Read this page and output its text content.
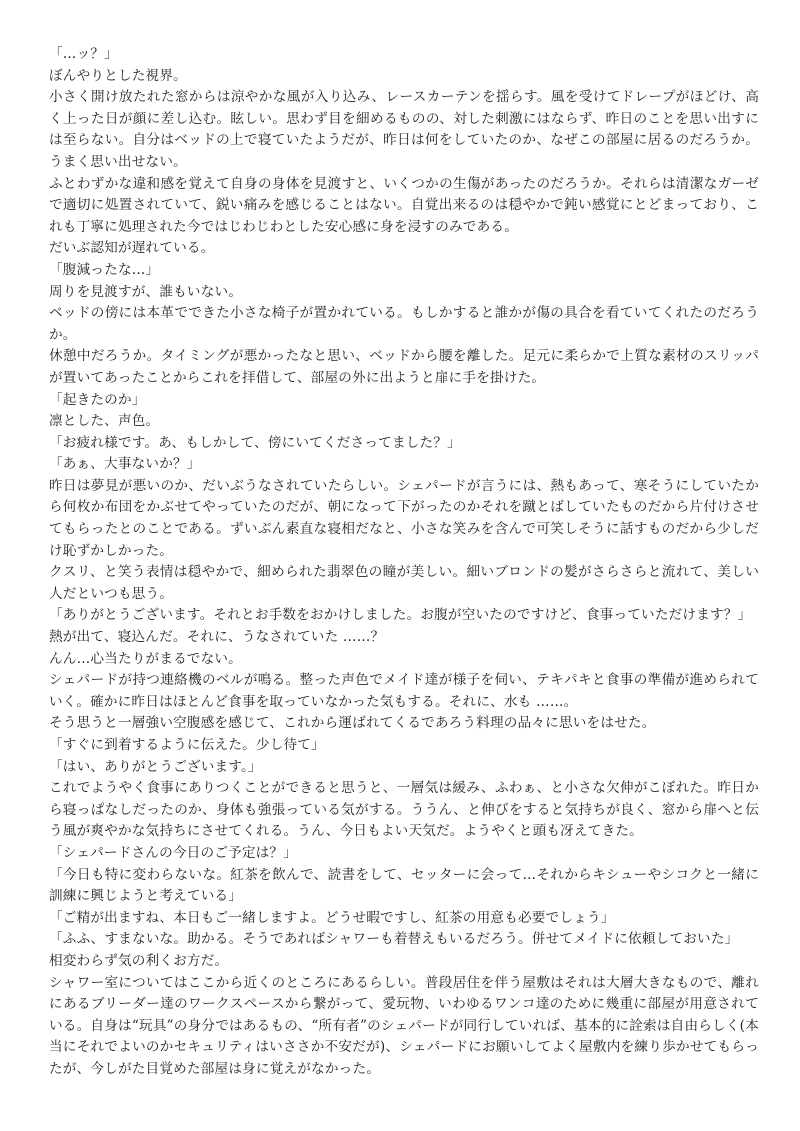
「…ッ？」

ぼんやりとした視界。

小さく開け放たれた窓からは涼やかな風が入り込み、レースカーテンを揺らす。風を受けてドレープがほどけ、高く上った日が顔に差し込む。眩しい。思わず目を細めるものの、対した刺激にはならず、昨日のことを思い出すには至らない。自分はベッドの上で寝ていたようだが、昨日は何をしていたのか、なぜこの部屋に居るのだろうか。うまく思い出せない。

ふとわずかな違和感を覚えて自身の身体を見渡すと、いくつかの生傷があったのだろうか。それらは清潔なガーゼで適切に処置されていて、鋭い痛みを感じることはない。自覚出来るのは穏やかで鈍い感覚にとどまっており、これも丁寧に処理された今ではじわじわとした安心感に身を浸すのみである。

だいぶ認知が遅れている。

「腹減ったな…」

周りを見渡すが、誰もいない。

ベッドの傍には本革でできた小さな椅子が置かれている。もしかすると誰かが傷の具合を看ていてくれたのだろうか。

休憩中だろうか。タイミングが悪かったなと思い、ベッドから腰を離した。足元に柔らかで上質な素材のスリッパが置いてあったことからこれを拝借して、部屋の外に出ようと扉に手を掛けた。

「起きたのか」

凛とした、声色。

「お疲れ様です。あ、もしかして、傍にいてくださってました？」

「あぁ、大事ないか？」

昨日は夢見が悪いのか、だいぶうなされていたらしい。シェパードが言うには、熱もあって、寒そうにしていたから何枚か布団をかぶせてやっていたのだが、朝になって下がったのかそれを蹴とばしていたものだから片付けさせてもらったとのことである。ずいぶん素直な寝相だなと、小さな笑みを含んで可笑しそうに話すものだから少しだけ恥ずかしかった。

クスリ、と笑う表情は穏やかで、細められた翡翠色の瞳が美しい。細いブロンドの髪がさらさらと流れて、美しい人だといつも思う。

「ありがとうございます。それとお手数をおかけしました。お腹が空いたのですけど、食事っていただけます？」

熱が出て、寝込んだ。それに、うなされていた ……？

んん…心当たりがまるでない。

シェパードが持つ連絡機のベルが鳴る。整った声色でメイド達が様子を伺い、テキパキと食事の準備が進められていく。確かに昨日はほとんど食事を取っていなかった気もする。それに、水も ……。

そう思うと一層強い空腹感を感じて、これから運ばれてくるであろう料理の品々に思いをはせた。

「すぐに到着するように伝えた。少し待て」

「はい、ありがとうございます。」

これでようやく食事にありつくことができると思うと、一層気は緩み、ふわぁ、と小さな欠伸がこぼれた。昨日から寝っぱなしだったのか、身体も強張っている気がする。ううん、と伸びをすると気持ちが良く、窓から扉へと伝う風が爽やかな気持ちにさせてくれる。うん、今日もよい天気だ。ようやくと頭も冴えてきた。

「シェパードさんの今日のご予定は？」

「今日も特に変わらないな。紅茶を飲んで、読書をして、セッターに会って…それからキシューやシコクと一緒に訓練に興じようと考えている」

「ご精が出ますね、本日もご一緒しますよ。どうせ暇ですし、紅茶の用意も必要でしょう」

「ふふ、すまないな。助かる。そうであればシャワーも着替えもいるだろう。併せてメイドに依頼しておいた」

相変わらず気の利くお方だ。

シャワー室についてはここから近くのところにあるらしい。普段居住を伴う屋敷はそれは大層大きなもので、離れにあるブリーダー達のワークスペースから繋がって、愛玩物、いわゆるワンコ達のために幾重に部屋が用意されている。自身は“玩具”の身分ではあるもの、“所有者”のシェパードが同行していれば、基本的に詮索は自由らしく(本当にそれでよいのかセキュリティはいささか不安だが)、シェパードにお願いしてよく屋敷内を練り歩かせてもらったが、今しがた目覚めた部屋は身に覚えがなかった。
